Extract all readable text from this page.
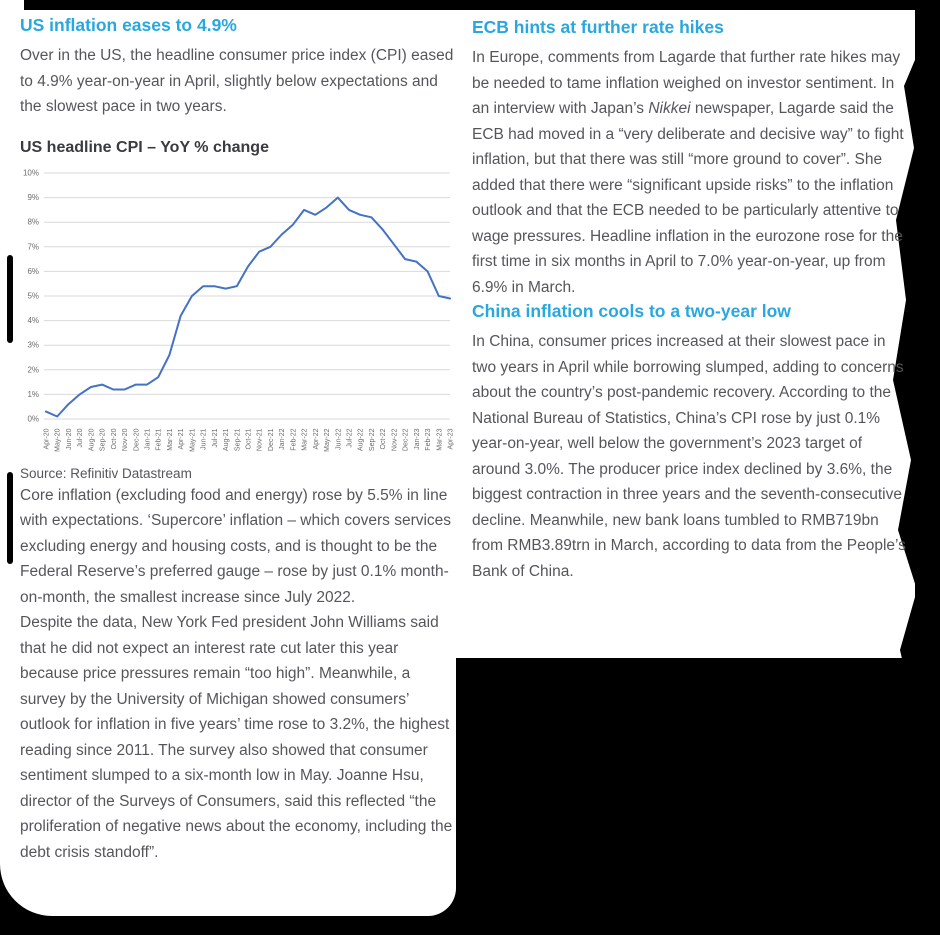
US inflation eases to 4.9%

Over in the US, the headline consumer price index (CPI) eased to 4.9% year-on-year in April, slightly below expectations and the slowest pace in two years.

US headline CPI – YoY % change
0%
1%
2%
3%
4%
5%
6%
7%
8%
9%
10%
Apr-20 May-20 Jun-20 Jul-20 Aug-20 Sep-20 Oct-20 Nov-20 Dec-20 Jan-21 Feb-21 Mar-21 Apr-21 May-21 Jun-21 Jul-21 Aug-21 Sep-21 Oct-21 Nov-21 Dec-21 Jan-22 Feb-22 Mar-22 Apr-22 May-22 Jun-22 Jul-22 Aug-22 Sep-22 Oct-22 Nov-22 Dec-22 Jan-23 Feb-23 Mar-23 Apr-23
Source: Refinitiv Datastream

Core inflation (excluding food and energy) rose by 5.5% in line with expectations. ‘Supercore’ inflation – which covers services excluding energy and housing costs, and is thought to be the Federal Reserve’s preferred gauge – rose by just 0.1% month-on-month, the smallest increase since July 2022.

Despite the data, New York Fed president John Williams said that he did not expect an interest rate cut later this year because price pressures remain “too high”. Meanwhile, a survey by the University of Michigan showed consumers’ outlook for inflation in five years’ time rose to 3.2%, the highest reading since 2011. The survey also showed that consumer sentiment slumped to a six-month low in May. Joanne Hsu, director of the Surveys of Consumers, said this reflected “the proliferation of negative news about the economy, including the debt crisis standoff”.

ECB hints at further rate hikes

In Europe, comments from Lagarde that further rate hikes may be needed to tame inflation weighed on investor sentiment. In an interview with Japan’s Nikkei newspaper, Lagarde said the ECB had moved in a “very deliberate and decisive way” to fight inflation, but that there was still “more ground to cover”. She added that there were “significant upside risks” to the inflation outlook and that the ECB needed to be particularly attentive to wage pressures. Headline inflation in the eurozone rose for the first time in six months in April to 7.0% year-on-year, up from 6.9% in March.

China inflation cools to a two-year low

In China, consumer prices increased at their slowest pace in two years in April while borrowing slumped, adding to concerns about the country’s post-pandemic recovery. According to the National Bureau of Statistics, China’s CPI rose by just 0.1% year-on-year, well below the government’s 2023 target of around 3.0%. The producer price index declined by 3.6%, the biggest contraction in three years and the seventh-consecutive decline. Meanwhile, new bank loans tumbled to RMB719bn from RMB3.89trn in March, according to data from the People’s Bank of China.
